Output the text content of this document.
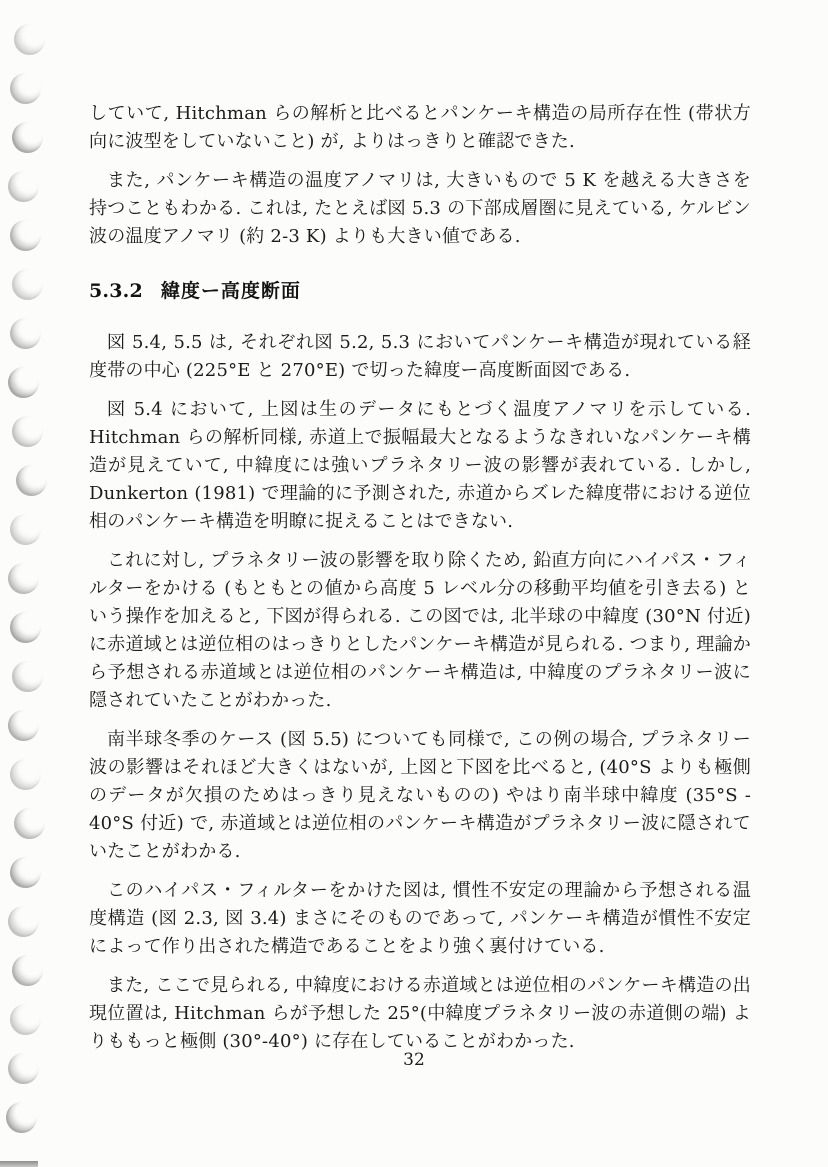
していて, Hitchman らの解析と比べるとパンケーキ構造の局所存在性 (帯状方向に波型をしていないこと) が, よりはっきりと確認できた.

また, パンケーキ構造の温度アノマリは, 大きいもので 5 K を越える大きさを持つこともわかる. これは, たとえば図 5.3 の下部成層圏に見えている, ケルビン波の温度アノマリ (約 2-3 K) よりも大きい値である.

5.3.2 緯度ー高度断面

図 5.4, 5.5 は, それぞれ図 5.2, 5.3 においてパンケーキ構造が現れている経度帯の中心 (225°E と 270°E) で切った緯度ー高度断面図である.

図 5.4 において, 上図は生のデータにもとづく温度アノマリを示している. Hitchman らの解析同様, 赤道上で振幅最大となるようなきれいなパンケーキ構造が見えていて, 中緯度には強いプラネタリー波の影響が表れている. しかし, Dunkerton (1981) で理論的に予測された, 赤道からズレた緯度帯における逆位相のパンケーキ構造を明瞭に捉えることはできない.

これに対し, プラネタリー波の影響を取り除くため, 鉛直方向にハイパス・フィルターをかける (もともとの値から高度 5 レベル分の移動平均値を引き去る) という操作を加えると, 下図が得られる. この図では, 北半球の中緯度 (30°N 付近) に赤道域とは逆位相のはっきりとしたパンケーキ構造が見られる. つまり, 理論から予想される赤道域とは逆位相のパンケーキ構造は, 中緯度のプラネタリー波に隠されていたことがわかった.

南半球冬季のケース (図 5.5) についても同様で, この例の場合, プラネタリー波の影響はそれほど大きくはないが, 上図と下図を比べると, (40°S よりも極側のデータが欠損のためはっきり見えないものの) やはり南半球中緯度 (35°S - 40°S 付近) で, 赤道域とは逆位相のパンケーキ構造がプラネタリー波に隠されていたことがわかる.

このハイパス・フィルターをかけた図は, 慣性不安定の理論から予想される温度構造 (図 2.3, 図 3.4) まさにそのものであって, パンケーキ構造が慣性不安定によって作り出された構造であることをより強く裏付けている.

また, ここで見られる, 中緯度における赤道域とは逆位相のパンケーキ構造の出現位置は, Hitchman らが予想した 25°(中緯度プラネタリー波の赤道側の端) よりももっと極側 (30°-40°) に存在していることがわかった.

32
